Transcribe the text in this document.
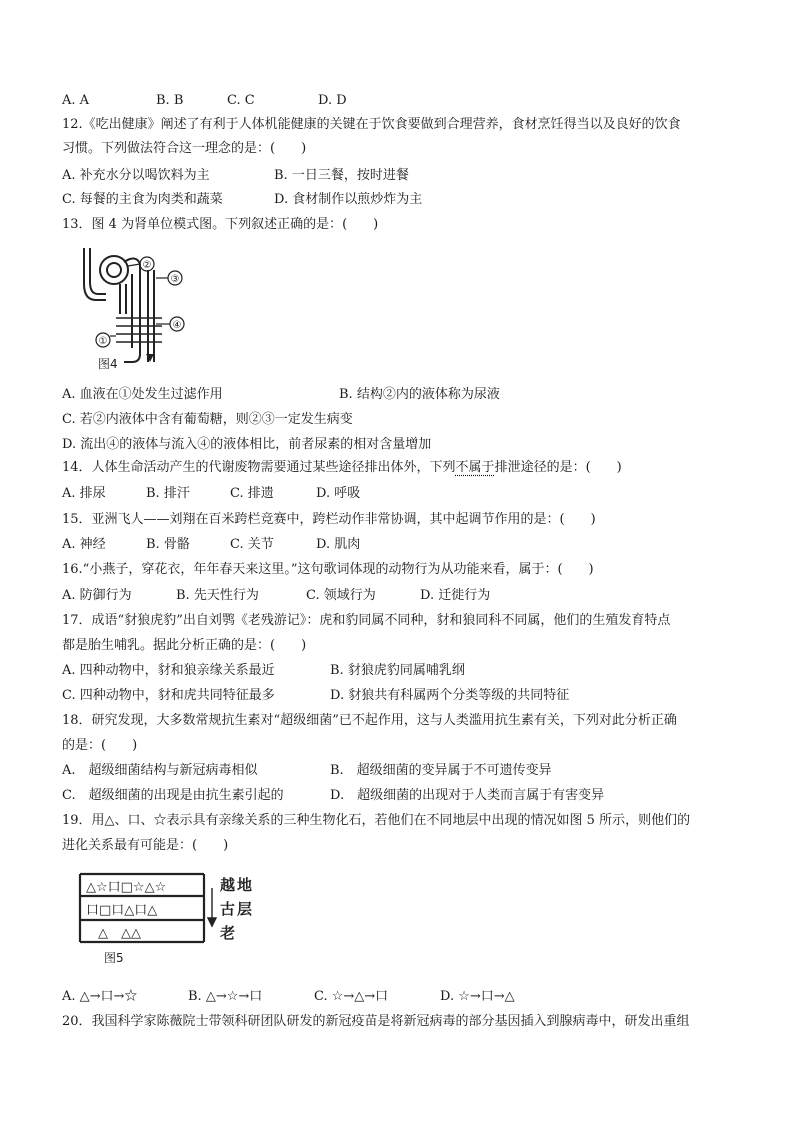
A. A	B. B	C. C	D. D
12.《吃出健康》阐述了有利于人体机能健康的关键在于饮食要做到合理营养，食材烹饪得当以及良好的饮食
习惯。下列做法符合这一理念的是：(　　)
A. 补充水分以喝饮料为主	B. 一日三餐，按时进餐
C. 每餐的主食为肉类和蔬菜	D. 食材制作以煎炒炸为主
13．图 4 为肾单位模式图。下列叙述正确的是：(　　)
②
③
④
①
图4
A. 血液在①处发生过滤作用	B. 结构②内的液体称为尿液
C. 若②内液体中含有葡萄糖，则②③一定发生病变
D. 流出④的液体与流入④的液体相比，前者尿素的相对含量增加
14．人体生命活动产生的代谢废物需要通过某些途径排出体外，下列不属于排泄途径的是：(　　)
A. 排尿	B. 排汗	C. 排遗	D. 呼吸
15．亚洲飞人——刘翔在百米跨栏竞赛中，跨栏动作非常协调，其中起调节作用的是：(　　)
A. 神经	B. 骨骼	C. 关节	D. 肌肉
16.“小燕子，穿花衣，年年春天来这里。”这句歌词体现的动物行为从功能来看，属于：(　　)
A. 防御行为	B. 先天性行为	C. 领域行为	D. 迁徙行为
17．成语“豺狼虎豹”出自刘鹗《老残游记》：虎和豹同属不同种，豺和狼同科不同属，他们的生殖发育特点
都是胎生哺乳。据此分析正确的是：(　　)
A. 四种动物中，豺和狼亲缘关系最近	B. 豺狼虎豹同属哺乳纲
C. 四种动物中，豺和虎共同特征最多	D. 豺狼共有科属两个分类等级的共同特征
18．研究发现，大多数常规抗生素对“超级细菌”已不起作用，这与人类滥用抗生素有关，下列对此分析正确
的是：(　　)
A.　超级细菌结构与新冠病毒相似	B.　超级细菌的变异属于不可遗传变异
C.　超级细菌的出现是由抗生素引起的	D.　超级细菌的出现对于人类而言属于有害变异
19．用△、口、☆表示具有亲缘关系的三种生物化石，若他们在不同地层中出现的情况如图 5 所示，则他们的
进化关系最有可能是：(　　)
△☆口□☆△☆
口□口△口△
△　△△
越
古
老
地
层
图5
A. △→口→☆	B. △→☆→口	C. ☆→△→口	D. ☆→口→△
20．我国科学家陈薇院士带领科研团队研发的新冠疫苗是将新冠病毒的部分基因插入到腺病毒中，研发出重组
